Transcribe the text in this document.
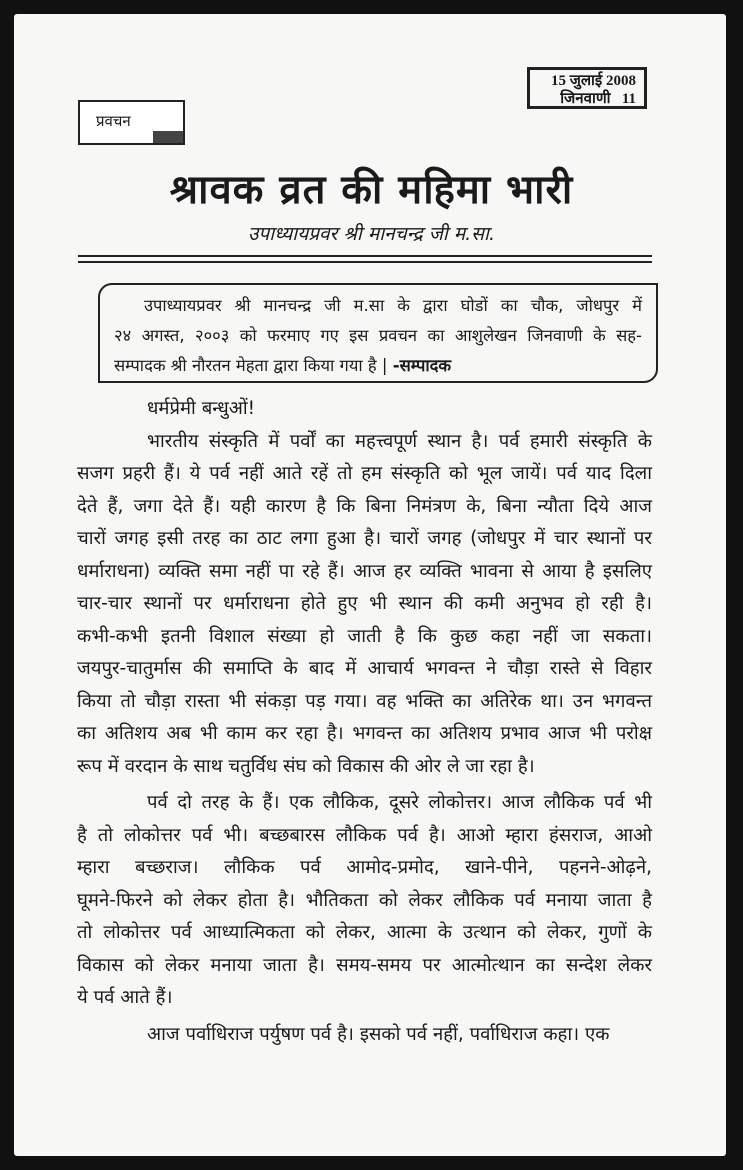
15 जुलाई 2008
जिनवाणी 11
प्रवचन
श्रावक व्रत की महिमा भारी
उपाध्यायप्रवर श्री मानचन्द्र जी म.सा.
उपाध्यायप्रवर श्री मानचन्द्र जी म.सा के द्वारा घोडों का चौक, जोधपुर में
२४ अगस्त, २००३ को फरमाए गए इस प्रवचन का आशुलेखन जिनवाणी के सह-
सम्पादक श्री नौरतन मेहता द्वारा किया गया है | -सम्पादक
धर्मप्रेमी बन्धुओं!
भारतीय संस्कृति में पर्वों का महत्त्वपूर्ण स्थान है। पर्व हमारी संस्कृति के
सजग प्रहरी हैं। ये पर्व नहीं आते रहें तो हम संस्कृति को भूल जायें। पर्व याद दिला
देते हैं, जगा देते हैं। यही कारण है कि बिना निमंत्रण के, बिना न्यौता दिये आज
चारों जगह इसी तरह का ठाट लगा हुआ है। चारों जगह (जोधपुर में चार स्थानों पर
धर्माराधना) व्यक्ति समा नहीं पा रहे हैं। आज हर व्यक्ति भावना से आया है इसलिए
चार-चार स्थानों पर धर्माराधना होते हुए भी स्थान की कमी अनुभव हो रही है।
कभी-कभी इतनी विशाल संख्या हो जाती है कि कुछ कहा नहीं जा सकता।
जयपुर-चातुर्मास की समाप्ति के बाद में आचार्य भगवन्त ने चौड़ा रास्ते से विहार
किया तो चौड़ा रास्ता भी संकड़ा पड़ गया। वह भक्ति का अतिरेक था। उन भगवन्त
का अतिशय अब भी काम कर रहा है। भगवन्त का अतिशय प्रभाव आज भी परोक्ष
रूप में वरदान के साथ चतुर्विध संघ को विकास की ओर ले जा रहा है।
पर्व दो तरह के हैं। एक लौकिक, दूसरे लोकोत्तर। आज लौकिक पर्व भी
है तो लोकोत्तर पर्व भी। बच्छबारस लौकिक पर्व है। आओ म्हारा हंसराज, आओ
म्हारा बच्छराज। लौकिक पर्व आमोद-प्रमोद, खाने-पीने, पहनने-ओढ़ने,
घूमने-फिरने को लेकर होता है। भौतिकता को लेकर लौकिक पर्व मनाया जाता है
तो लोकोत्तर पर्व आध्यात्मिकता को लेकर, आत्मा के उत्थान को लेकर, गुणों के
विकास को लेकर मनाया जाता है। समय-समय पर आत्मोत्थान का सन्देश लेकर
ये पर्व आते हैं।
आज पर्वाधिराज पर्युषण पर्व है। इसको पर्व नहीं, पर्वाधिराज कहा। एक
